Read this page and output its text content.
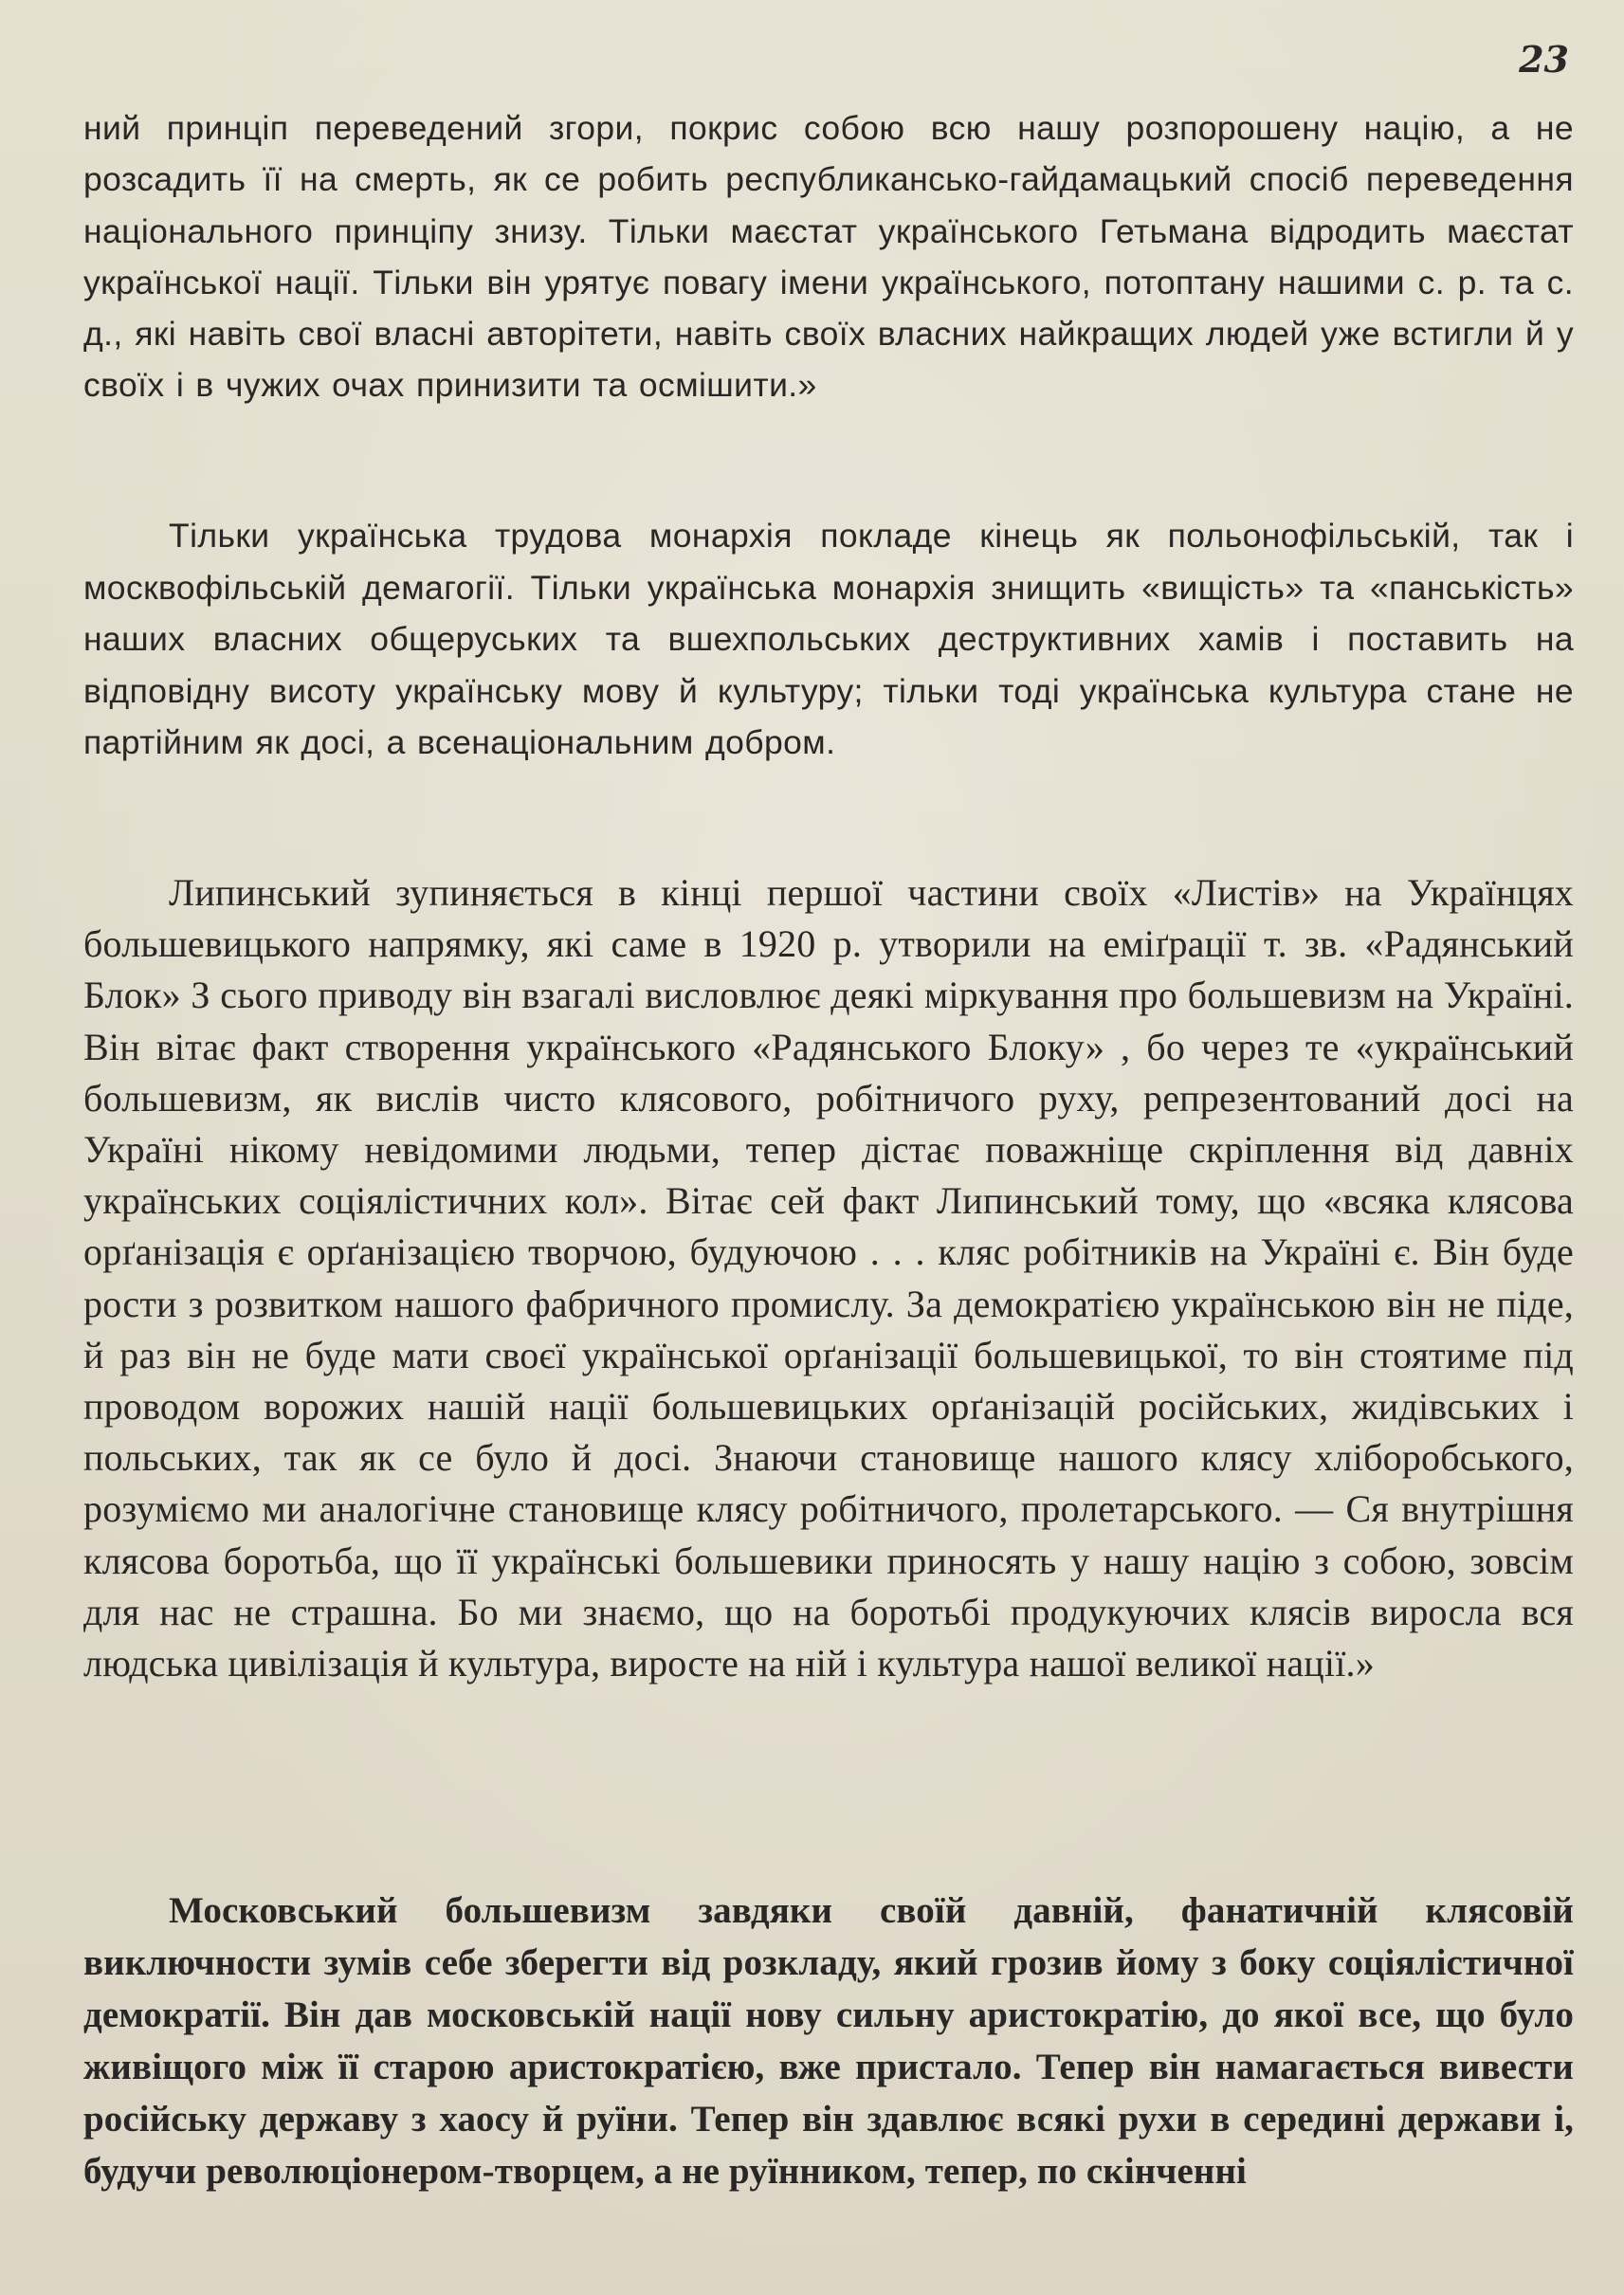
23

ний принціп переведений згори, покрис собою всю нашу розпорошену націю, а не розсадить її на смерть, як се робить республиканськo-гайдамацький спосіб переведення національного принціпу знизу. Тільки маєстат українського Гетьмана відродить маєстат української нації. Тільки він урятує повагу імени українського, потоптану нашими с. р. та с. д., які навіть свої власні авторітети, навіть своїх власних найкращих людей уже встигли й у своїх і в чужих очах принизити та осмішити.»

Тільки українська трудова монархія покладе кінець як польонофільській, так і москвофільській демагогії. Тільки українська монархія знищить «вищість» та «панськість» наших власних общеруських та вшехпольських деструктивних хамів і поставить на відповідну висоту українську мову й культуру; тільки тоді українська культура стане не партійним як досі, а всенаціональним добром.

Липинський зупиняється в кінці першої частини своїх «Листів» на Українцях большевицького напрямку, які саме в 1920 р. утворили на еміґрації т. зв. «Радянський Блок» З сього приводу він взагалі висловлює деякі міркування про большевизм на Україні. Він вітає факт створення українського «Радянського Блоку» , бо через те «український большевизм, як вислів чисто клясового, робітничого руху, репрезентований досі на Україні нікому невідомими людьми, тепер дістає поважніще скріплення від давніх українських соціялістичних кол». Вітає сей факт Липинський тому, що «всяка клясова орґанізація є орґанізацією творчою, будуючою . . . кляс робітників на Україні є. Він буде рости з розвитком нашого фабричного промислу. За демократією українською він не піде, й раз він не буде мати своєї української орґанізації большевицької, то він стоятиме під проводом ворожих нашій нації большевицьких орґанізацій російських, жидівських і польських, так як се було й досі. Знаючи становище нашого клясу хліборобського, розуміємо ми аналогічне становище клясу робітничого, пролетарського. — Ся внутрішня клясова боротьба, що її українські большевики приносять у нашу націю з собою, зовсім для нас не страшна. Бо ми знаємо, що на боротьбі продукуючих клясів виросла вся людська цивілізація й культура, виросте на ній і культура нашої великої нації.»

Московський большевизм завдяки своїй давній, фанатичній клясовій виключности зумів себе зберегти від розкладу, який грозив йому з боку соціялістичної демократії. Він дав московській нації нову сильну аристократію, до якої все, що було живіщого між її старою аристократією, вже пристало. Тепер він намагається вивести російську державу з хаосу й руїни. Тепер він здавлює всякі рухи в середині держави і, будучи революціонером-творцем, а не руїнником, тепер, по скінченні
